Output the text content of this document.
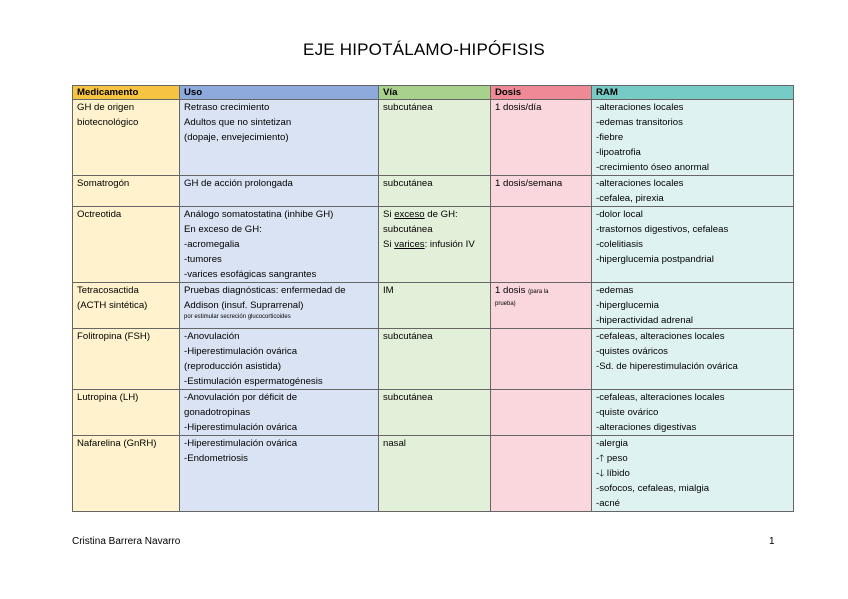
EJE HIPOTÁLAMO-HIPÓFISIS
Medicamento	Uso	Vía	Dosis	RAM

GH de origen
biotecnológico	Retraso crecimiento
Adultos que no sintetizan
(dopaje, envejecimiento)	subcutánea	1 dosis/día	-alteraciones locales
-edemas transitorios
-fiebre
-lipoatrofia
-crecimiento óseo anormal

Somatrogón	GH de acción prolongada	subcutánea	1 dosis/semana	-alteraciones locales
-cefalea, pirexia

Octreotida	Análogo somatostatina (inhibe GH)
En exceso de GH:
-acromegalia
-tumores
-varices esofágicas sangrantes	Si exceso de GH:
subcutánea
Si varices: infusión IV		-dolor local
-trastornos digestivos, cefaleas
-colelitiasis
-hiperglucemia postpandrial

Tetracosactida
(ACTH sintética)	Pruebas diagnósticas: enfermedad de
Addison (insuf. Suprarrenal)
por estimular secreción glucocorticoides	IM	1 dosis (para la
prueba)	-edemas
-hiperglucemia
-hiperactividad adrenal

Folitropina (FSH)	-Anovulación
-Hiperestimulación ovárica
(reproducción asistida)
-Estimulación espermatogénesis	subcutánea		-cefaleas, alteraciones locales
-quistes ováricos
-Sd. de hiperestimulación ovárica

Lutropina (LH)	-Anovulación por déficit de
gonadotropinas
-Hiperestimulación ovárica	subcutánea		-cefaleas, alteraciones locales
-quiste ovárico
-alteraciones digestivas

Nafarelina (GnRH)	-Hiperestimulación ovárica
-Endometriosis	nasal		-alergia
-🡑 peso
-🡓 líbido
-sofocos, cefaleas, mialgia
-acné
Cristina Barrera Navarro	1
